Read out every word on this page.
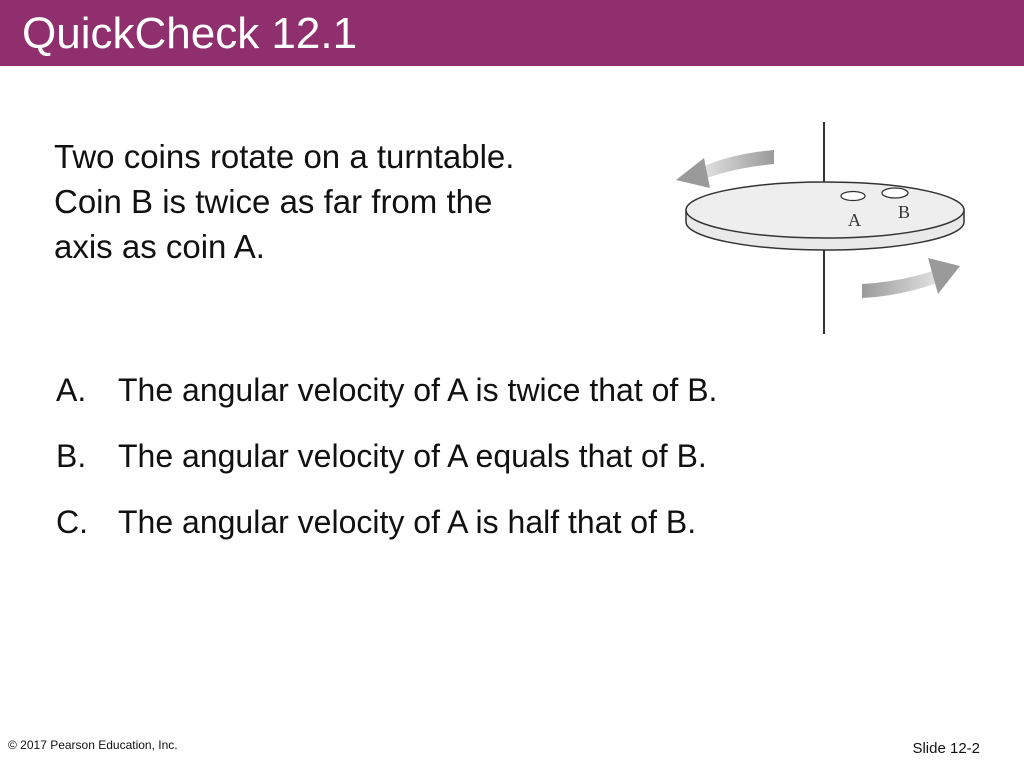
QuickCheck 12.1
Two coins rotate on a turntable.
Coin B is twice as far from the
axis as coin A.
A B
A. The angular velocity of A is twice that of B.
B. The angular velocity of A equals that of B.
C. The angular velocity of A is half that of B.
© 2017 Pearson Education, Inc.	Slide 12-2
